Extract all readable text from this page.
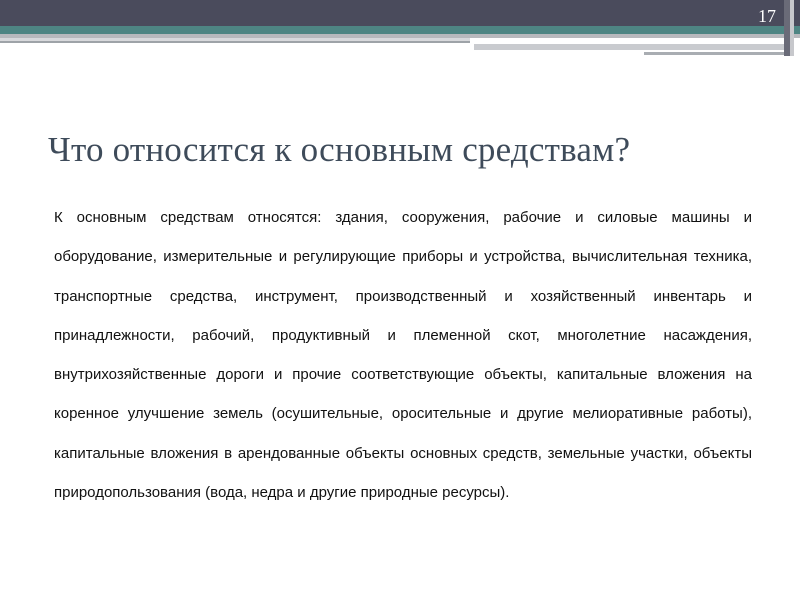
17
Что относится к основным средствам?

К основным средствам относятся: здания, сооружения, рабочие и силовые машины и оборудование, измерительные и регулирующие приборы и устройства, вычислительная техника, транспортные средства, инструмент, производственный и хозяйственный инвентарь и принадлежности, рабочий, продуктивный и племенной скот, многолетние насаждения, внутрихозяйственные дороги и прочие соответствующие объекты, капитальные вложения на коренное улучшение земель (осушительные, оросительные и другие мелиоративные работы), капитальные вложения в арендованные объекты основных средств, земельные участки, объекты природопользования (вода, недра и другие природные ресурсы).
